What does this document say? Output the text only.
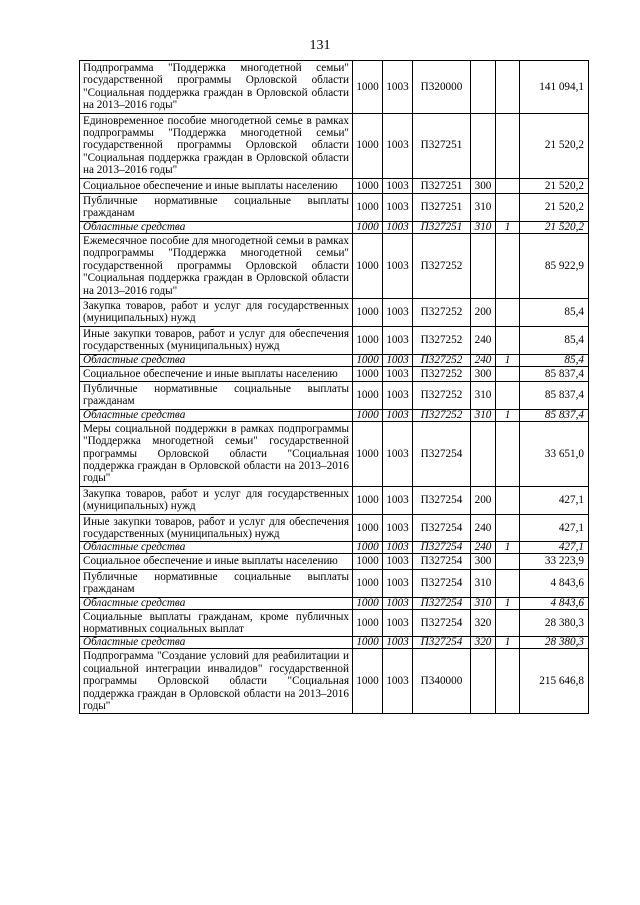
131
Подпрограмма "Поддержка многодетной семьи" государственной программы Орловской области "Социальная поддержка граждан в Орловской области на 2013–2016 годы"	1000	1003	П320000			141 094,1
Единовременное пособие многодетной семье в рамках подпрограммы "Поддержка многодетной семьи" государственной программы Орловской области "Социальная поддержка граждан в Орловской области на 2013–2016 годы"	1000	1003	П327251			21 520,2
Социальное обеспечение и иные выплаты населению	1000	1003	П327251	300		21 520,2
Публичные нормативные социальные выплаты гражданам	1000	1003	П327251	310		21 520,2
Областные средства	1000	1003	П327251	310	1	21 520,2
Ежемесячное пособие для многодетной семьи в рамках подпрограммы "Поддержка многодетной семьи" государственной программы Орловской области "Социальная поддержка граждан в Орловской области на 2013–2016 годы"	1000	1003	П327252			85 922,9
Закупка товаров, работ и услуг для государственных (муниципальных) нужд	1000	1003	П327252	200		85,4
Иные закупки товаров, работ и услуг для обеспечения государственных (муниципальных) нужд	1000	1003	П327252	240		85,4
Областные средства	1000	1003	П327252	240	1	85,4
Социальное обеспечение и иные выплаты населению	1000	1003	П327252	300		85 837,4
Публичные нормативные социальные выплаты гражданам	1000	1003	П327252	310		85 837,4
Областные средства	1000	1003	П327252	310	1	85 837,4
Меры социальной поддержки в рамках подпрограммы "Поддержка многодетной семьи" государственной программы Орловской области "Социальная поддержка граждан в Орловской области на 2013–2016 годы"	1000	1003	П327254			33 651,0
Закупка товаров, работ и услуг для государственных (муниципальных) нужд	1000	1003	П327254	200		427,1
Иные закупки товаров, работ и услуг для обеспечения государственных (муниципальных) нужд	1000	1003	П327254	240		427,1
Областные средства	1000	1003	П327254	240	1	427,1
Социальное обеспечение и иные выплаты населению	1000	1003	П327254	300		33 223,9
Публичные нормативные социальные выплаты гражданам	1000	1003	П327254	310		4 843,6
Областные средства	1000	1003	П327254	310	1	4 843,6
Социальные выплаты гражданам, кроме публичных нормативных социальных выплат	1000	1003	П327254	320		28 380,3
Областные средства	1000	1003	П327254	320	1	28 380,3
Подпрограмма "Создание условий для реабилитации и социальной интеграции инвалидов" государственной программы Орловской области "Социальная поддержка граждан в Орловской области на 2013–2016 годы"	1000	1003	П340000			215 646,8
